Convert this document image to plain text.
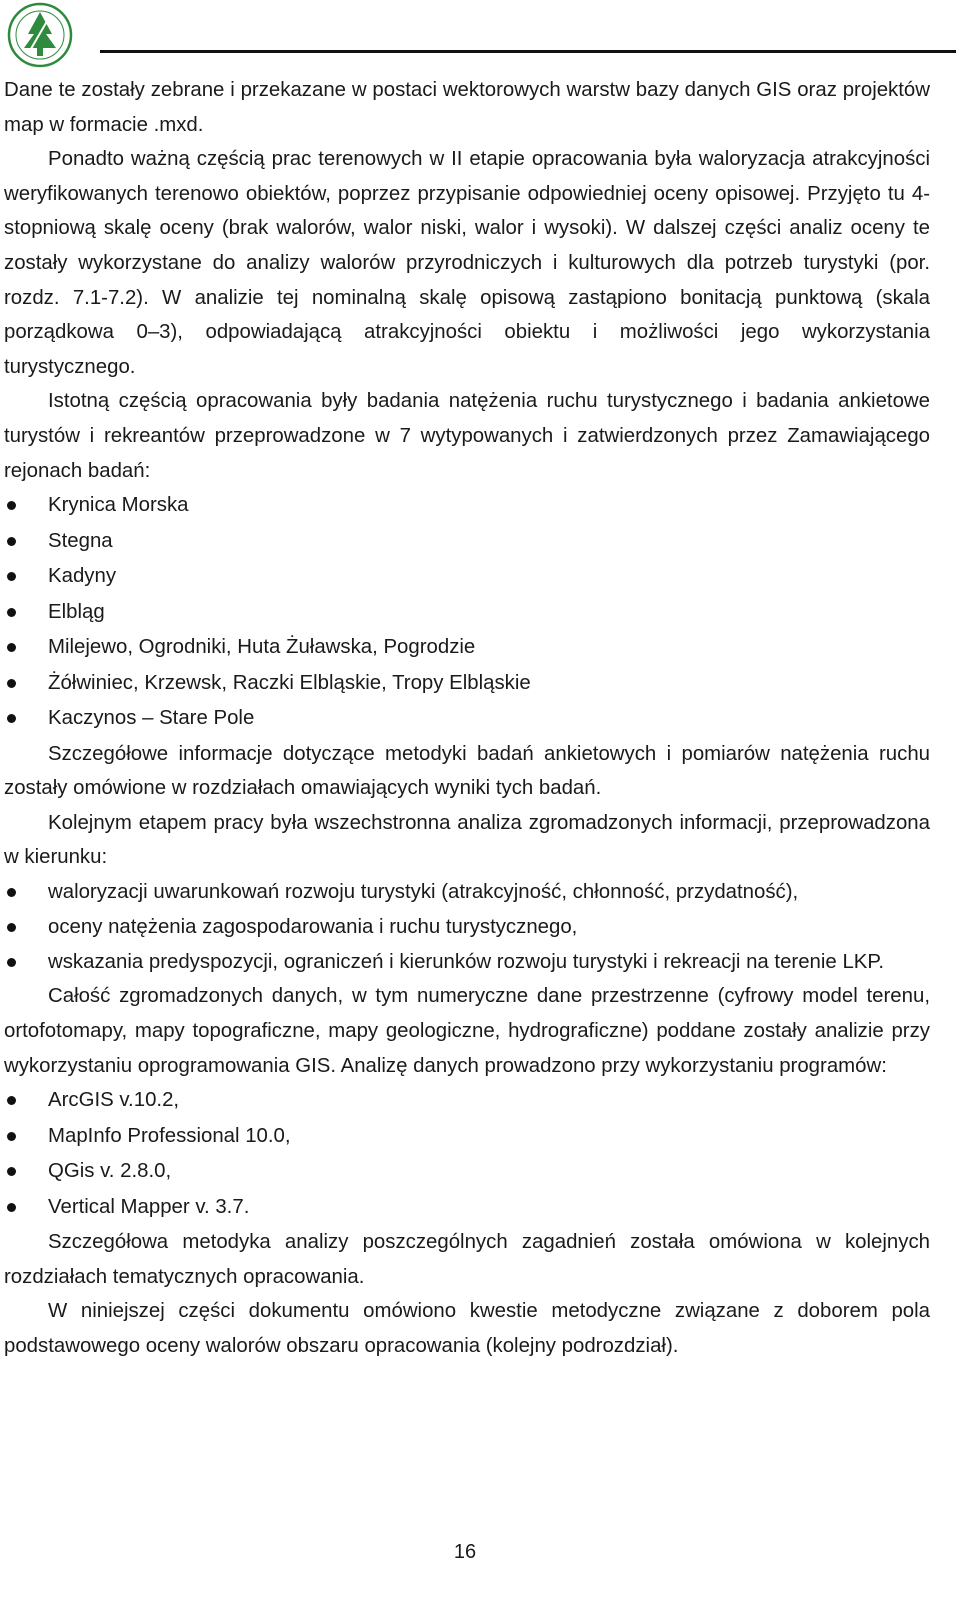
Dane te zostały zebrane i przekazane w postaci wektorowych warstw bazy danych GIS oraz projektów map w formacie .mxd.

Ponadto ważną częścią prac terenowych w II etapie opracowania była waloryzacja atrakcyjności weryfikowanych terenowo obiektów, poprzez przypisanie odpowiedniej oceny opisowej. Przyjęto tu 4-stopniową skalę oceny (brak walorów, walor niski, walor i wysoki). W dalszej części analiz oceny te zostały wykorzystane do analizy walorów przyrodniczych i kulturowych dla potrzeb turystyki (por. rozdz. 7.1-7.2). W analizie tej nominalną skalę opisową zastąpiono bonitacją punktową (skala porządkowa 0–3), odpowiadającą atrakcyjności obiektu i możliwości jego wykorzystania turystycznego.

Istotną częścią opracowania były badania natężenia ruchu turystycznego i badania ankietowe turystów i rekreantów przeprowadzone w 7 wytypowanych i zatwierdzonych przez Zamawiającego rejonach badań:

Krynica Morska
Stegna
Kadyny
Elbląg
Milejewo, Ogrodniki, Huta Żuławska, Pogrodzie
Żółwiniec, Krzewsk, Raczki Elbląskie, Tropy Elbląskie
Kaczynos – Stare Pole

Szczegółowe informacje dotyczące metodyki badań ankietowych i pomiarów natężenia ruchu zostały omówione w rozdziałach omawiających wyniki tych badań.

Kolejnym etapem pracy była wszechstronna analiza zgromadzonych informacji, przeprowadzona w kierunku:

waloryzacji uwarunkowań rozwoju turystyki (atrakcyjność, chłonność, przydatność),
oceny natężenia zagospodarowania i ruchu turystycznego,
wskazania predyspozycji, ograniczeń i kierunków rozwoju turystyki i rekreacji na terenie LKP.

Całość zgromadzonych danych, w tym numeryczne dane przestrzenne (cyfrowy model terenu, ortofotomapy, mapy topograficzne, mapy geologiczne, hydrograficzne) poddane zostały analizie przy wykorzystaniu oprogramowania GIS. Analizę danych prowadzono przy wykorzystaniu programów:

ArcGIS v.10.2,
MapInfo Professional 10.0,
QGis v. 2.8.0,
Vertical Mapper v. 3.7.

Szczegółowa metodyka analizy poszczególnych zagadnień została omówiona w kolejnych rozdziałach tematycznych opracowania.

W niniejszej części dokumentu omówiono kwestie metodyczne związane z doborem pola podstawowego oceny walorów obszaru opracowania (kolejny podrozdział).

16
